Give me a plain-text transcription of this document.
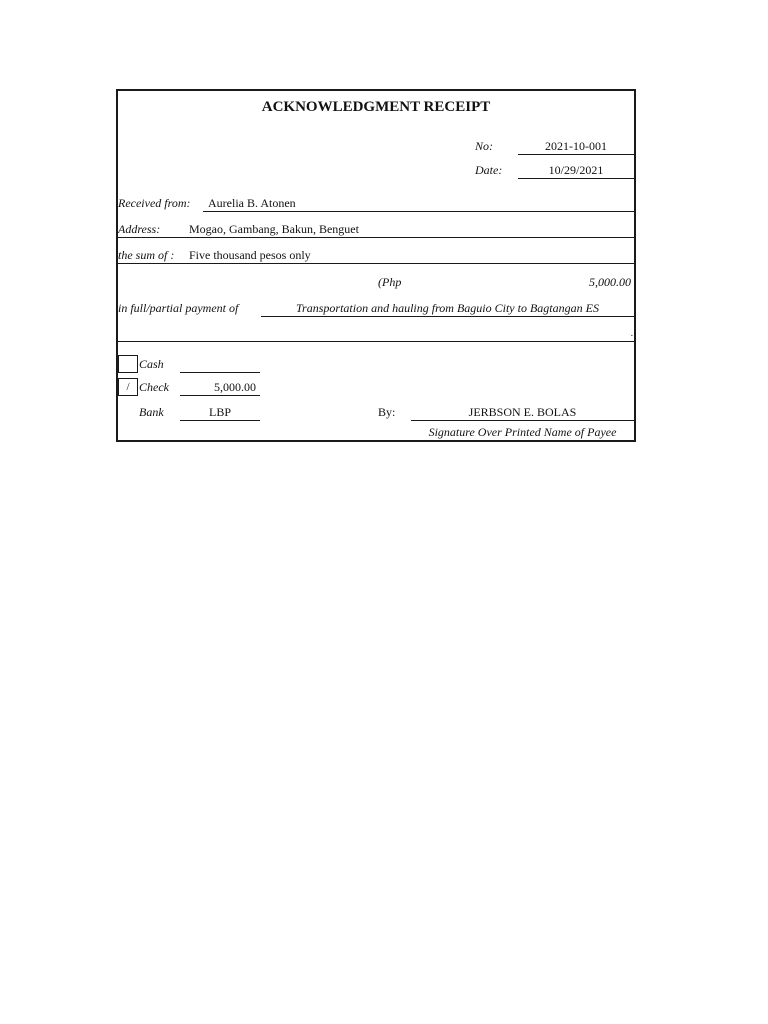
ACKNOWLEDGMENT RECEIPT
No:	2021-10-001
Date:	10/29/2021
Received from: Aurelia B. Atonen
Address: Mogao, Gambang, Bakun, Benguet
the sum of : Five thousand pesos only
(Php	5,000.00
in full/partial payment of	Transportation and hauling from Baguio City to Bagtangan ES
.
Cash
/ Check	5,000.00
Bank	LBP	By:	JERBSON E. BOLAS
Signature Over Printed Name of Payee
